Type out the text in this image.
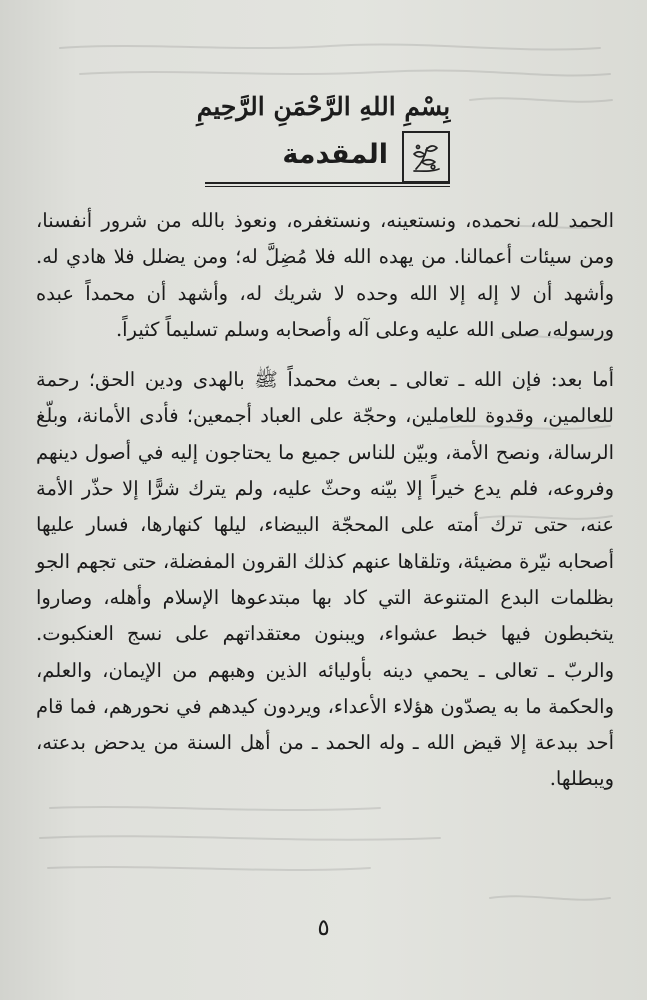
بِسْمِ اللهِ الرَّحْمَنِ الرَّحِيمِ
المقدمة

الحمد لله، نحمده، ونستعينه، ونستغفره، ونعوذ بالله من شرور أنفسنا، ومن سيئات أعمالنا. من يهده الله فلا مُضِلَّ له؛ ومن يضلل فلا هادي له. وأشهد أن لا إله إلا الله وحده لا شريك له، وأشهد أن محمداً عبده ورسوله، صلى الله عليه وعلى آله وأصحابه وسلم تسليماً كثيراً.

أما بعد: فإن الله ـ تعالى ـ بعث محمداً ﷺ بالهدى ودين الحق؛ رحمة للعالمين، وقدوة للعاملين، وحجّة على العباد أجمعين؛ فأدى الأمانة، وبلّغ الرسالة، ونصح الأمة، وبيّن للناس جميع ما يحتاجون إليه في أصول دينهم وفروعه، فلم يدع خيراً إلا بيّنه وحثّ عليه، ولم يترك شرًّا إلا حذّر الأمة عنه، حتى ترك أمته على المحجّة البيضاء، ليلها كنهارها، فسار عليها أصحابه نيّرة مضيئة، وتلقاها عنهم كذلك القرون المفضلة، حتى تجهم الجو بظلمات البدع المتنوعة التي كاد بها مبتدعوها الإسلام وأهله، وصاروا يتخبطون فيها خبط عشواء، ويبنون معتقداتهم على نسج العنكبوت. والربّ ـ تعالى ـ يحمي دينه بأوليائه الذين وهبهم من الإيمان، والعلم، والحكمة ما به يصدّون هؤلاء الأعداء، ويردون كيدهم في نحورهم، فما قام أحد ببدعة إلا قيض الله ـ وله الحمد ـ من أهل السنة من يدحض بدعته، ويبطلها.

٥
